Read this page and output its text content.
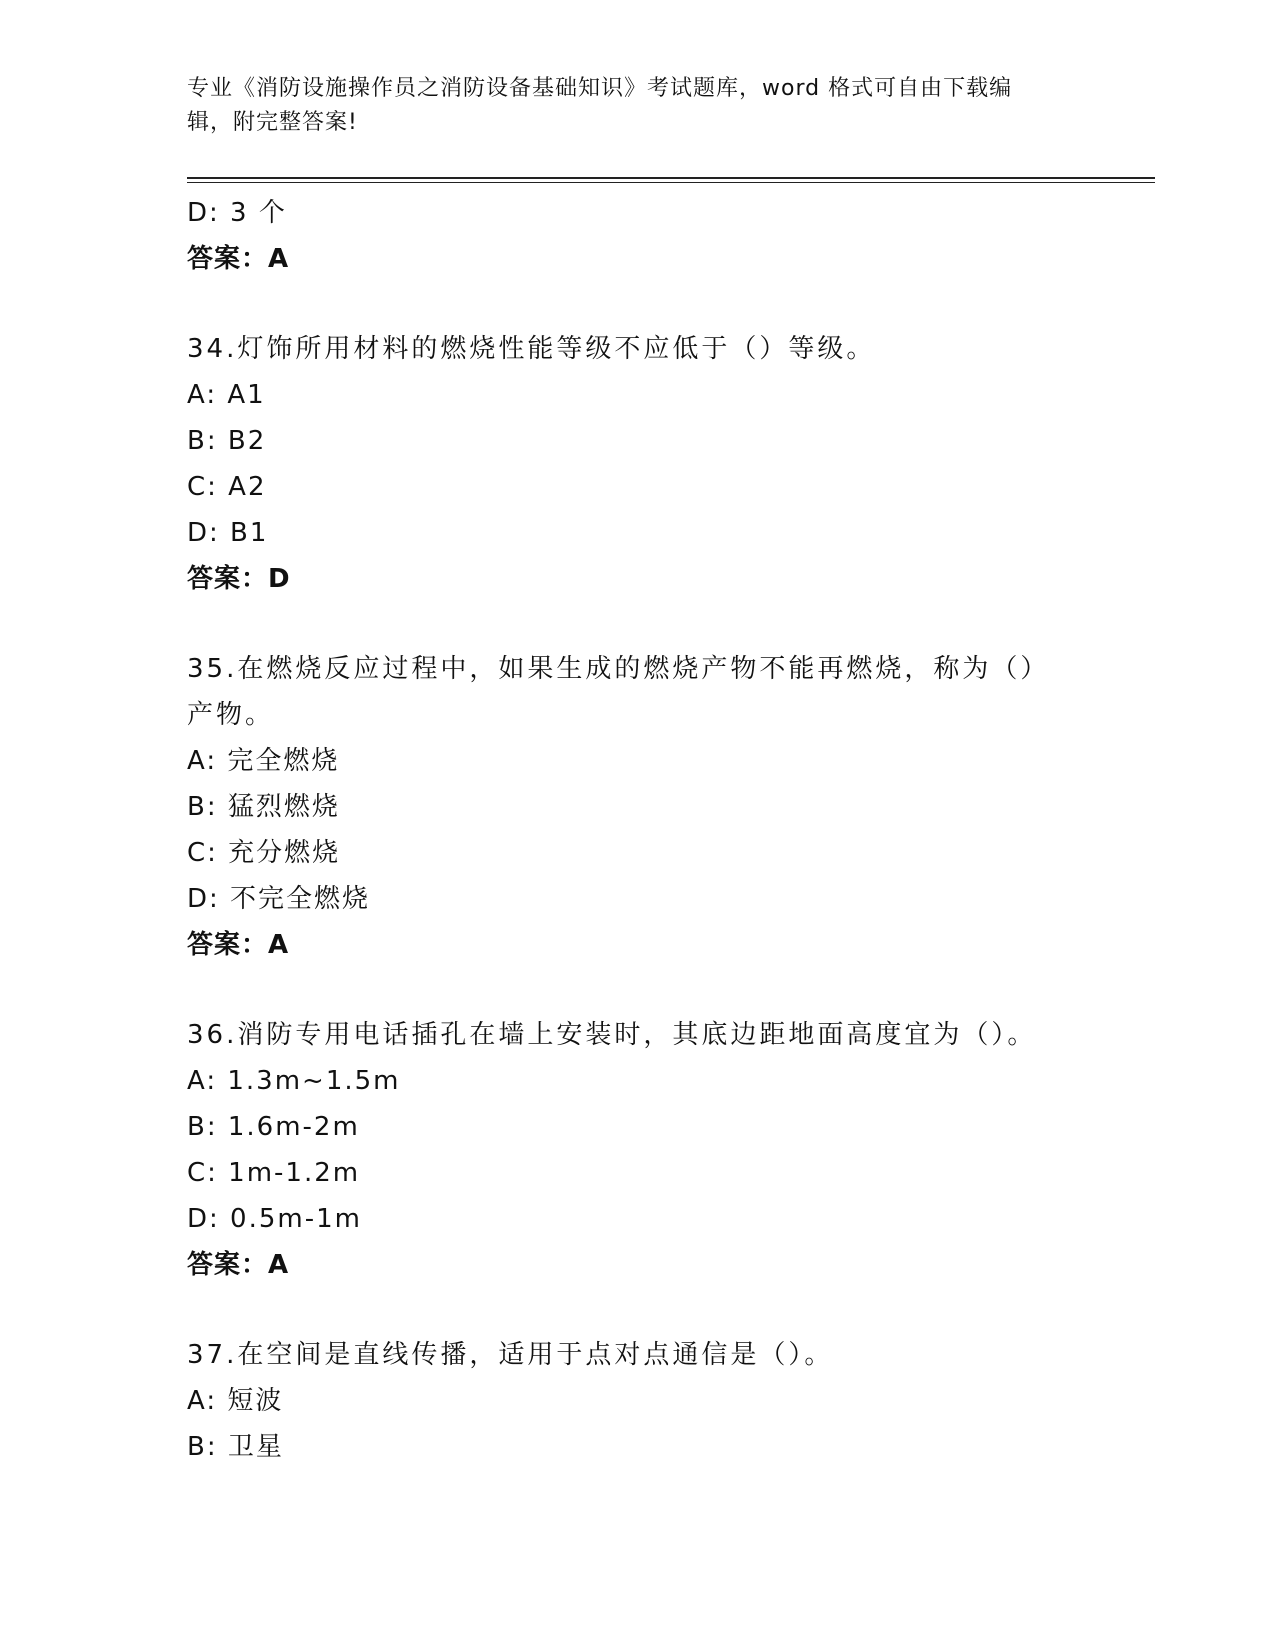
专业《消防设施操作员之消防设备基础知识》考试题库，word 格式可自由下载编
辑，附完整答案!
D: 3 个
答案：A
34.灯饰所用材料的燃烧性能等级不应低于（）等级。
A: A1
B: B2
C: A2
D: B1
答案：D
35.在燃烧反应过程中，如果生成的燃烧产物不能再燃烧，称为（）产物。
A: 完全燃烧
B: 猛烈燃烧
C: 充分燃烧
D: 不完全燃烧
答案：A
36.消防专用电话插孔在墙上安装时，其底边距地面高度宜为（）。
A: 1.3m~1.5m
B: 1.6m-2m
C: 1m-1.2m
D: 0.5m-1m
答案：A
37.在空间是直线传播，适用于点对点通信是（）。
A: 短波
B: 卫星
